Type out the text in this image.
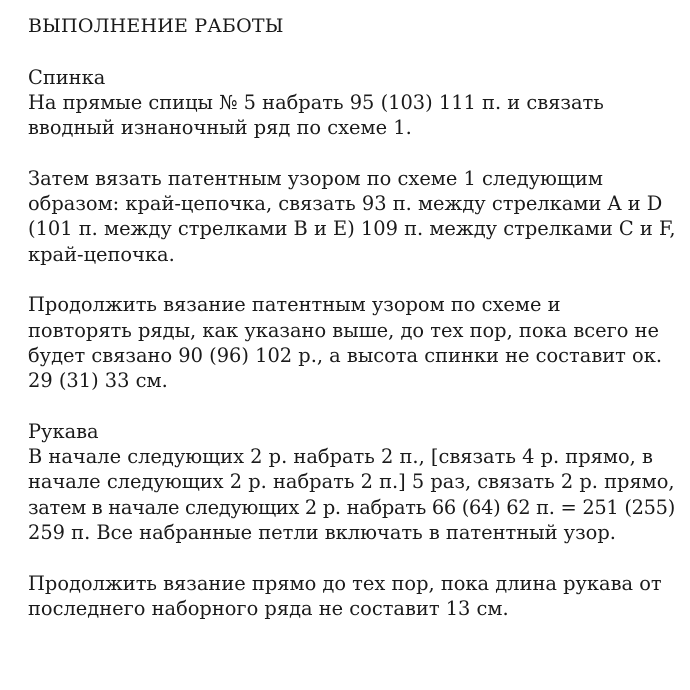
ВЫПОЛНЕНИЕ РАБОТЫ
Спинка

На прямые спицы № 5 набрать 95 (103) 111 п. и связать
вводный изнаночный ряд по схеме 1.

Затем вязать патентным узором по схеме 1 следующим
образом: край-цепочка, связать 93 п. между стрелками A и D
(101 п. между стрелками B и E) 109 п. между стрелками C и F,
край-цепочка.

Продолжить вязание патентным узором по схеме и
повторять ряды, как указано выше, до тех пор, пока всего не
будет связано 90 (96) 102 р., а высота спинки не составит ок.
29 (31) 33 см.

Рукава

В начале следующих 2 р. набрать 2 п., [связать 4 р. прямо, в
начале следующих 2 р. набрать 2 п.] 5 раз, связать 2 р. прямо,
затем в начале следующих 2 р. набрать 66 (64) 62 п. = 251 (255)
259 п. Все набранные петли включать в патентный узор.

Продолжить вязание прямо до тех пор, пока длина рукава от
последнего наборного ряда не составит 13 см.
